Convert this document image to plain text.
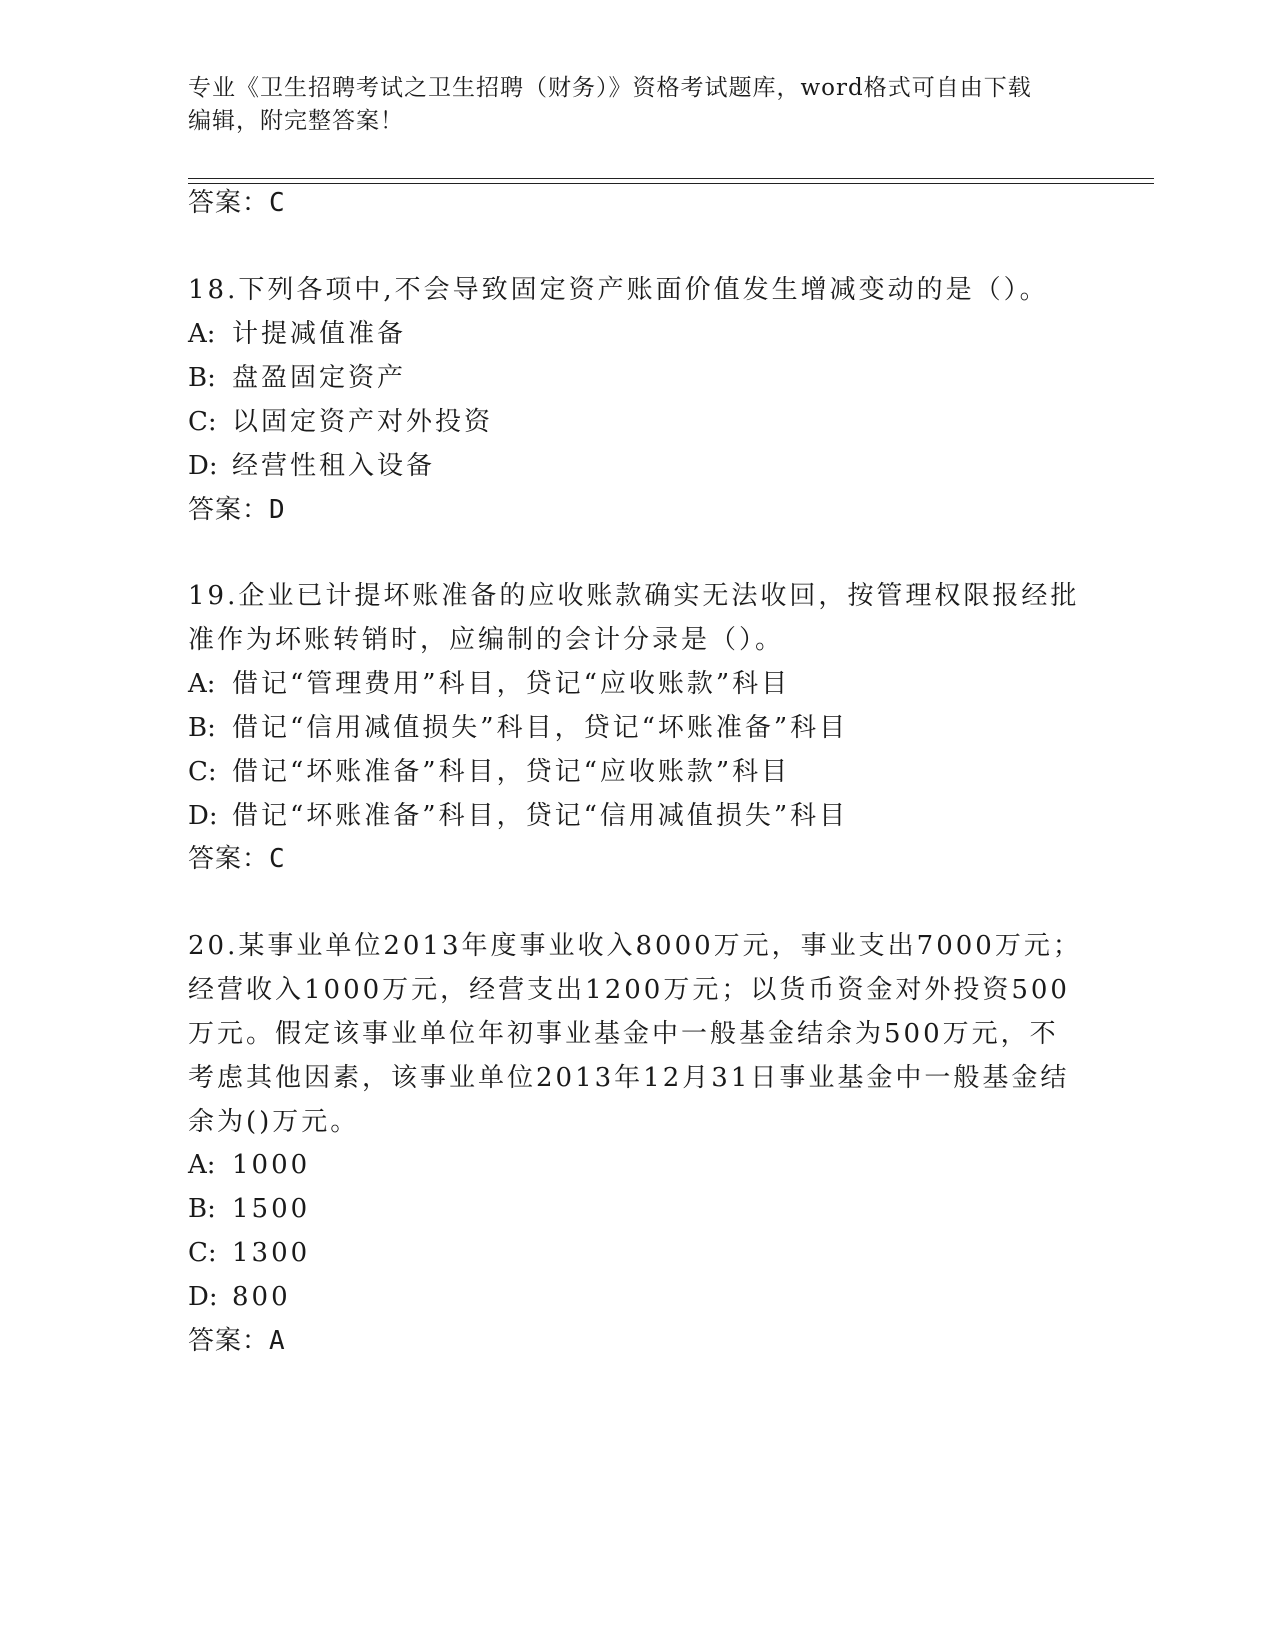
专业《卫生招聘考试之卫生招聘（财务）》资格考试题库，word格式可自由下载
编辑，附完整答案！
答案：C
18.下列各项中,不会导致固定资产账面价值发生增减变动的是（）。
A: 计提减值准备
B: 盘盈固定资产
C: 以固定资产对外投资
D: 经营性租入设备
答案：D
19.企业已计提坏账准备的应收账款确实无法收回，按管理权限报经批
准作为坏账转销时，应编制的会计分录是（）。
A: 借记“管理费用”科目，贷记“应收账款”科目
B: 借记“信用减值损失”科目，贷记“坏账准备”科目
C: 借记“坏账准备”科目，贷记“应收账款”科目
D: 借记“坏账准备”科目，贷记“信用减值损失”科目
答案：C
20.某事业单位2013年度事业收入8000万元，事业支出7000万元；
经营收入1000万元，经营支出1200万元；以货币资金对外投资500
万元。假定该事业单位年初事业基金中一般基金结余为500万元，不
考虑其他因素，该事业单位2013年12月31日事业基金中一般基金结
余为()万元。
A: 1000
B: 1500
C: 1300
D: 800
答案：A
